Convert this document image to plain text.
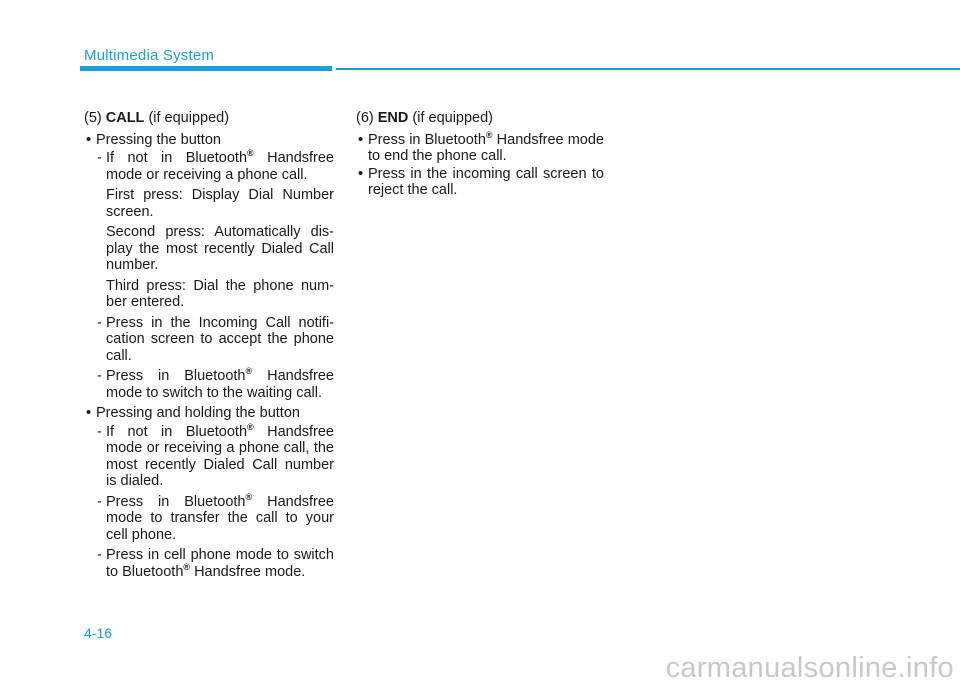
Multimedia System
(5) CALL (if equipped)
• Pressing the button
- If not in Bluetooth® Handsfree mode or receiving a phone call.
First press: Display Dial Number screen.
Second press: Automatically dis-play the most recently Dialed Call number.
Third press: Dial the phone num-ber entered.
- Press in the Incoming Call notifi-cation screen to accept the phone call.
- Press in Bluetooth® Handsfree mode to switch to the waiting call.
• Pressing and holding the button
- If not in Bluetooth® Handsfree mode or receiving a phone call, the most recently Dialed Call number is dialed.
- Press in Bluetooth® Handsfree mode to transfer the call to your cell phone.
- Press in cell phone mode to switch to Bluetooth® Handsfree mode.
(6) END (if equipped)
• Press in Bluetooth® Handsfree mode to end the phone call.
• Press in the incoming call screen to reject the call.
4-16
carmanualsonline.info
